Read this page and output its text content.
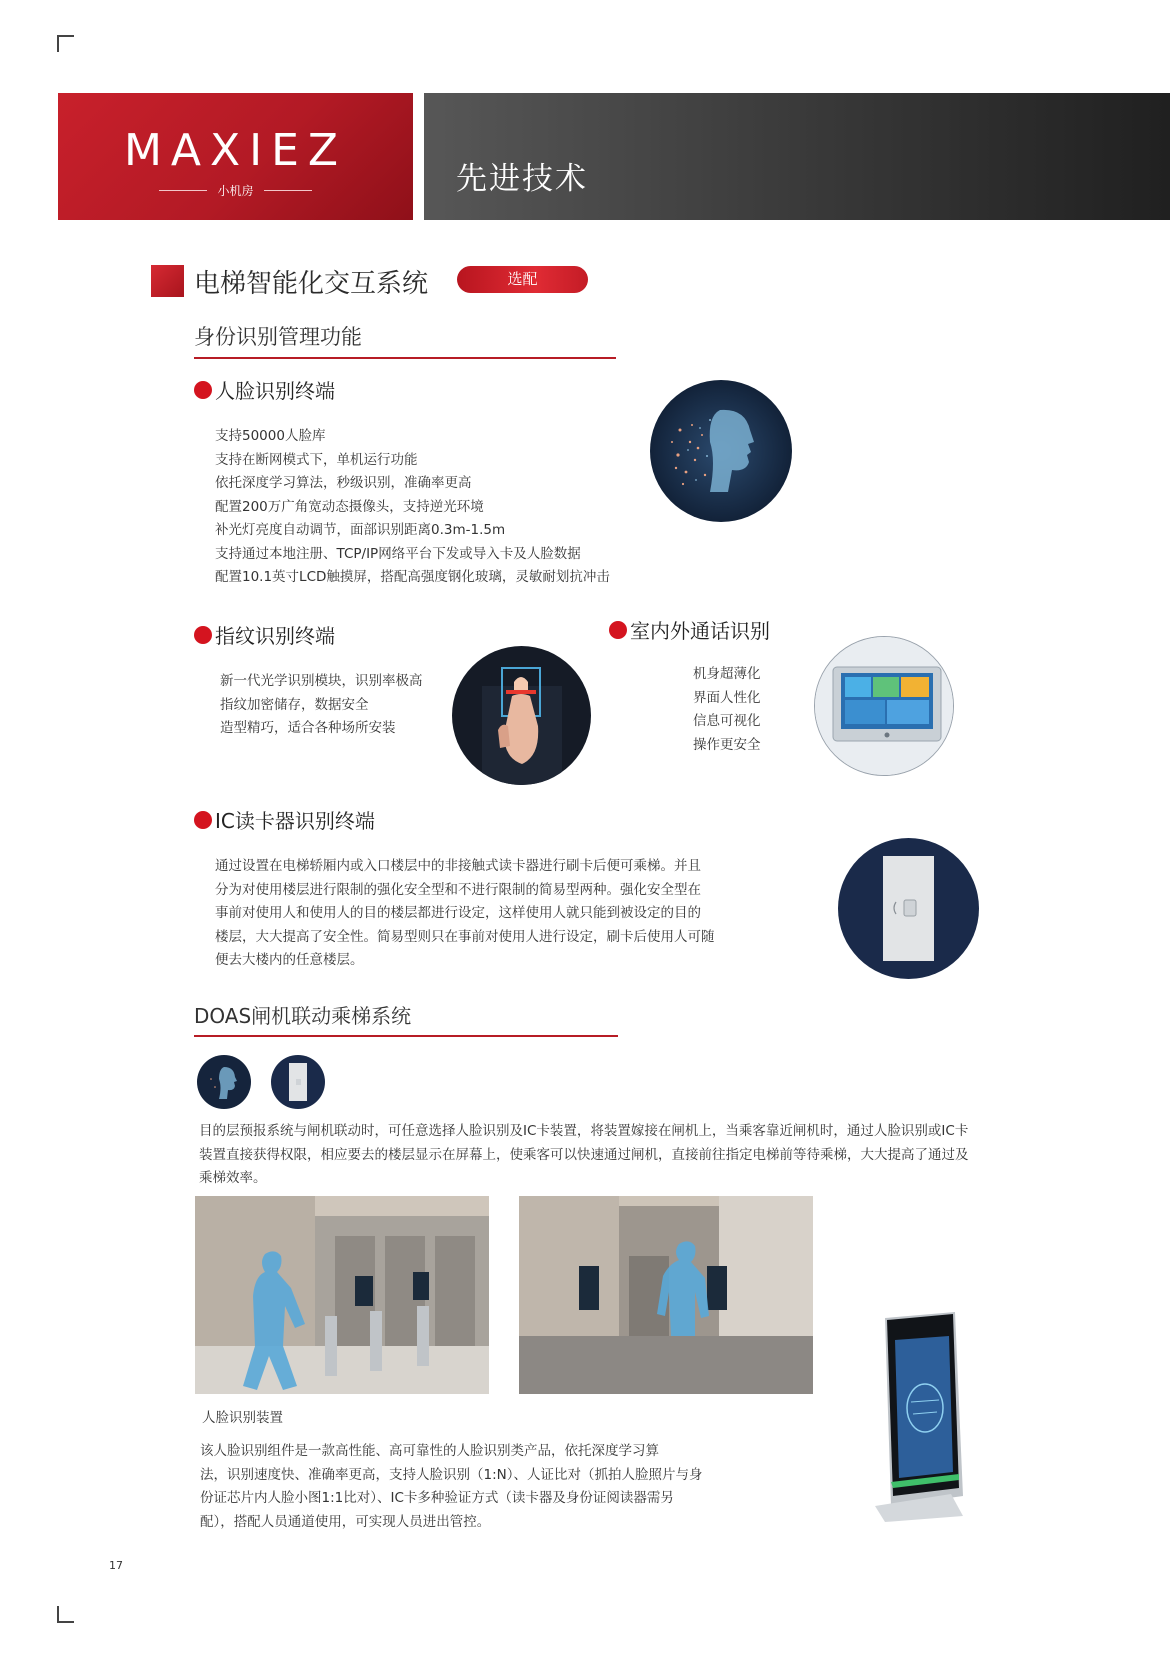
MAXIEZ
小机房	先进技术
电梯智能化交互系统	选配
身份识别管理功能
人脸识别终端
支持50000人脸库
支持在断网模式下，单机运行功能
依托深度学习算法，秒级识别，准确率更高
配置200万广角宽动态摄像头，支持逆光环境
补光灯亮度自动调节，面部识别距离0.3m-1.5m
支持通过本地注册、TCP/IP网络平台下发或导入卡及人脸数据
配置10.1英寸LCD触摸屏，搭配高强度钢化玻璃，灵敏耐划抗冲击
指纹识别终端
新一代光学识别模块，识别率极高
指纹加密储存，数据安全
造型精巧，适合各种场所安装
室内外通话识别
机身超薄化
界面人性化
信息可视化
操作更安全
IC读卡器识别终端
通过设置在电梯轿厢内或入口楼层中的非接触式读卡器进行刷卡后便可乘梯。并且
分为对使用楼层进行限制的强化安全型和不进行限制的简易型两种。强化安全型在
事前对使用人和使用人的目的楼层都进行设定，这样使用人就只能到被设定的目的
楼层，大大提高了安全性。简易型则只在事前对使用人进行设定，刷卡后使用人可随
便去大楼内的任意楼层。
DOAS闸机联动乘梯系统
目的层预报系统与闸机联动时，可任意选择人脸识别及IC卡装置，将装置嫁接在闸机上，当乘客靠近闸机时，通过人脸识别或IC卡
装置直接获得权限，相应要去的楼层显示在屏幕上，使乘客可以快速通过闸机，直接前往指定电梯前等待乘梯，大大提高了通过及
乘梯效率。
人脸识别装置
该人脸识别组件是一款高性能、高可靠性的人脸识别类产品，依托深度学习算
法，识别速度快、准确率更高，支持人脸识别（1:N）、人证比对（抓拍人脸照片与身
份证芯片内人脸小图1:1比对）、IC卡多种验证方式（读卡器及身份证阅读器需另
配），搭配人员通道使用，可实现人员进出管控。
17
